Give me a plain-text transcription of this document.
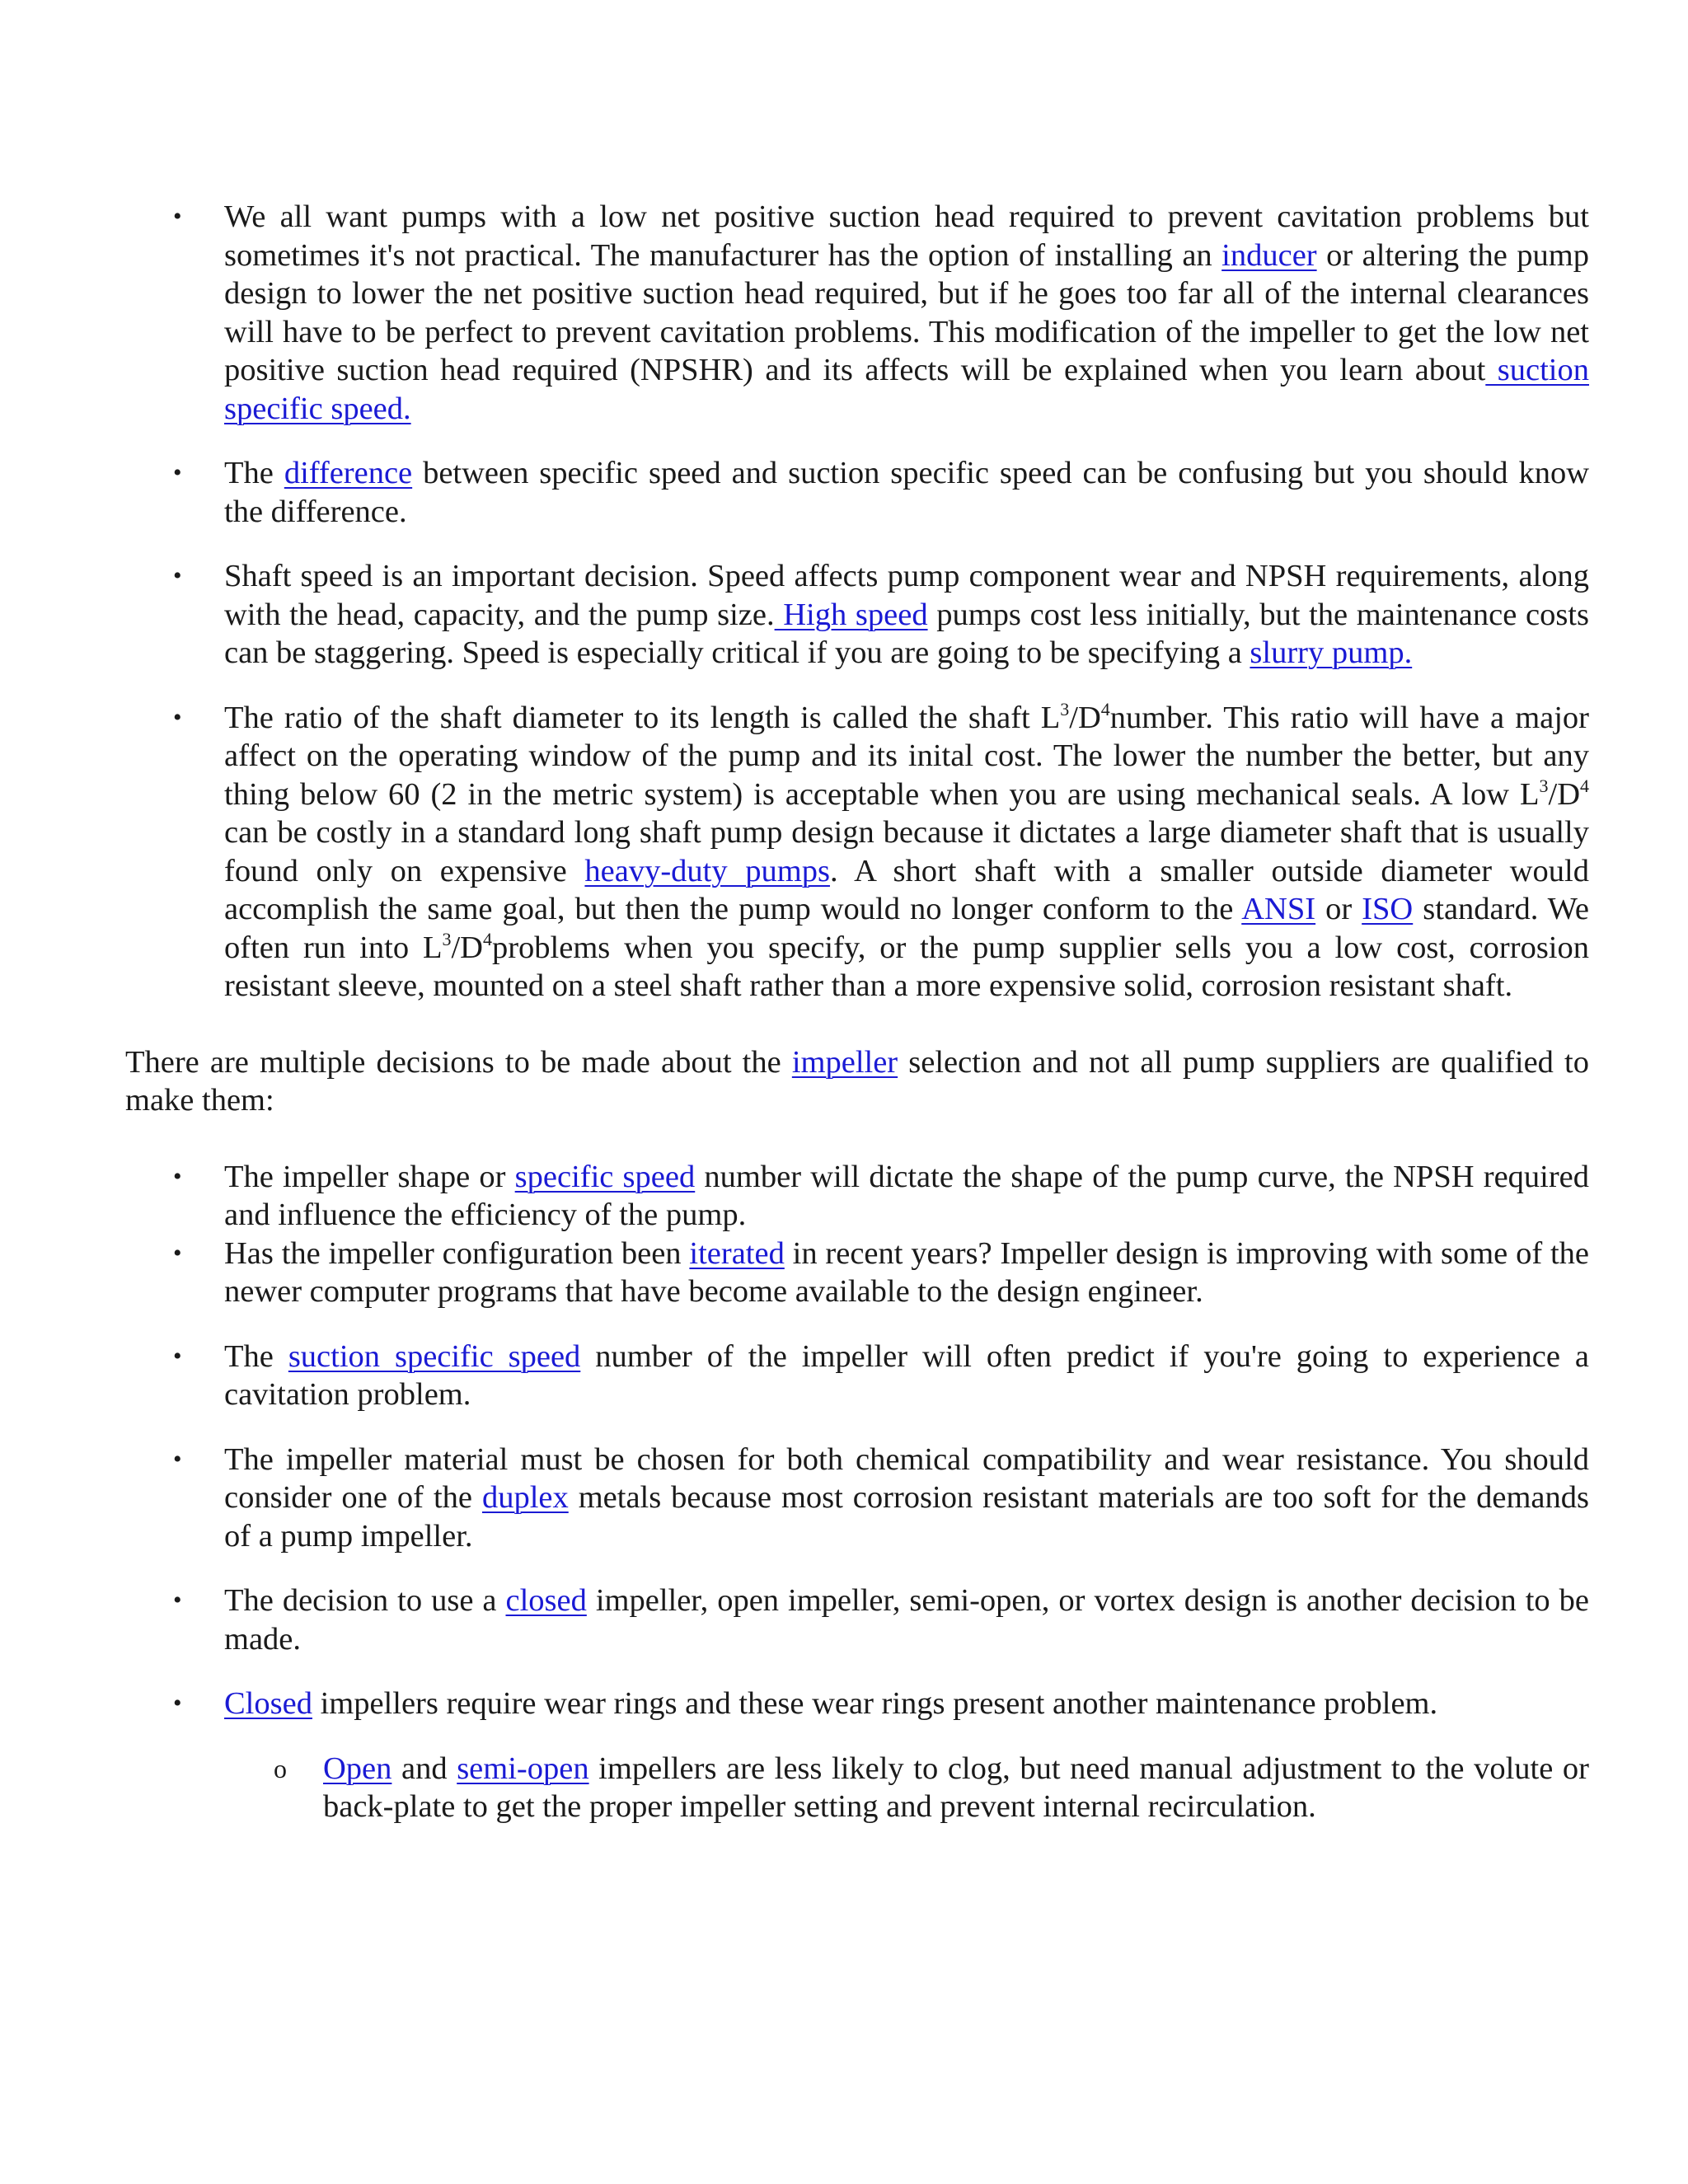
• We all want pumps with a low net positive suction head required to prevent cavitation problems but sometimes it's not practical. The manufacturer has the option of installing an inducer or altering the pump design to lower the net positive suction head required, but if he goes too far all of the internal clearances will have to be perfect to prevent cavitation problems. This modification of the impeller to get the low net positive suction head required (NPSHR) and its affects will be explained when you learn about suction specific speed.
• The difference between specific speed and suction specific speed can be confusing but you should know the difference.
• Shaft speed is an important decision. Speed affects pump component wear and NPSH requirements, along with the head, capacity, and the pump size. High speed pumps cost less initially, but the maintenance costs can be staggering. Speed is especially critical if you are going to be specifying a slurry pump.
• The ratio of the shaft diameter to its length is called the shaft $L^3/D^4number$. This ratio will have a major affect on the operating window of the pump and its inital cost. The lower the number the better, but any thing below 60 (2 in the metric system) is acceptable when you are using mechanical seals. A low $L^3/D^4$ can be costly in a standard long shaft pump design because it dictates a large diameter shaft that is usually found only on expensive heavy-duty pumps. A short shaft with a smaller outside diameter would accomplish the same goal, but then the pump would no longer conform to the ANSI or ISO standard. We often run into $L^3/D^4problems$ when you specify, or the pump supplier sells you a low cost, corrosion resistant sleeve, mounted on a steel shaft rather than a more expensive solid, corrosion resistant shaft.

There are multiple decisions to be made about the impeller selection and not all pump suppliers are qualified to make them:

• The impeller shape or specific speed number will dictate the shape of the pump curve, the NPSH required and influence the efficiency of the pump.
• Has the impeller configuration been iterated in recent years? Impeller design is improving with some of the newer computer programs that have become available to the design engineer.
• The suction specific speed number of the impeller will often predict if you're going to experience a cavitation problem.
• The impeller material must be chosen for both chemical compatibility and wear resistance. You should consider one of the duplex metals because most corrosion resistant materials are too soft for the demands of a pump impeller.
• The decision to use a closed impeller, open impeller, semi-open, or vortex design is another decision to be made.
• Closed impellers require wear rings and these wear rings present another maintenance problem.
o Open and semi-open impellers are less likely to clog, but need manual adjustment to the volute or back-plate to get the proper impeller setting and prevent internal recirculation.
